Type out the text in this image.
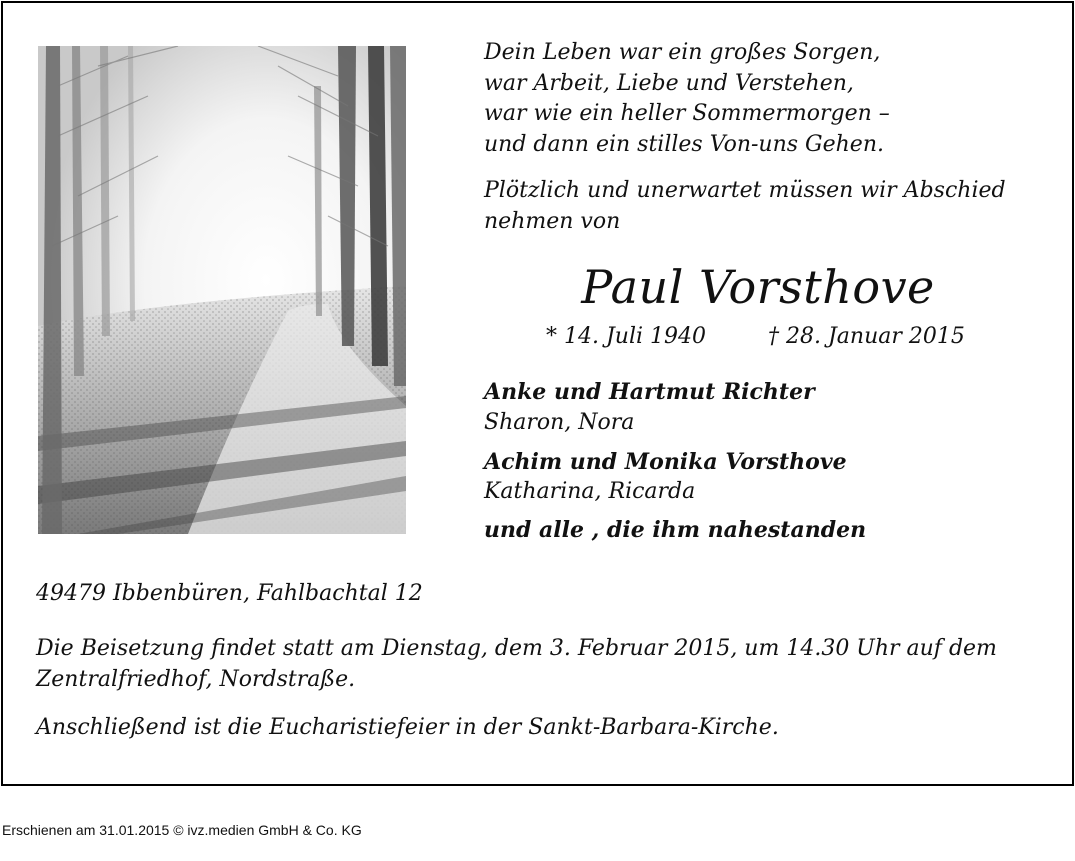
Dein Leben war ein großes Sorgen,
war Arbeit, Liebe und Verstehen,
war wie ein heller Sommermorgen –
und dann ein stilles Von-uns Gehen.
Plötzlich und unerwartet müssen wir Abschied nehmen von
Paul Vorsthove
* 14. Juli 1940	† 28. Januar 2015
Anke und Hartmut Richter
Sharon, Nora
Achim und Monika Vorsthove
Katharina, Ricarda
und alle , die ihm nahestanden
49479 Ibbenbüren, Fahlbachtal 12
Die Beisetzung findet statt am Dienstag, dem 3. Februar 2015, um 14.30 Uhr auf dem Zentralfriedhof, Nordstraße.
Anschließend ist die Eucharistiefeier in der Sankt-Barbara-Kirche.
Erschienen am 31.01.2015 © ivz.medien GmbH & Co. KG
